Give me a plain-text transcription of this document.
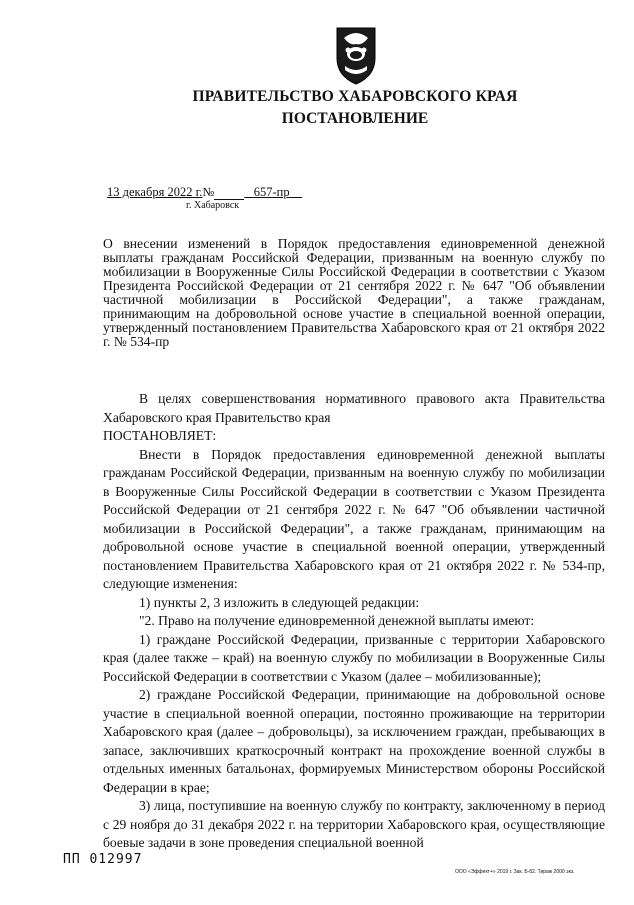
ПРАВИТЕЛЬСТВО ХАБАРОВСКОГО КРАЯ
ПОСТАНОВЛЕНИЕ
13 декабря 2022 г.№	657-пр
г. Хабаровск

О внесении изменений в Порядок предоставления единовременной денежной выплаты гражданам Российской Федерации, призванным на военную службу по мобилизации в Вооруженные Силы Российской Федерации в соответствии с Указом Президента Российской Федерации от 21 сентября 2022 г. № 647 "Об объявлении частичной мобилизации в Российской Федерации", а также гражданам, принимающим на добровольной основе участие в специальной военной операции, утвержденный постановлением Правительства Хабаровского края от 21 октября 2022 г. № 534-пр

В целях совершенствования нормативного правового акта Правительства Хабаровского края Правительство края

ПОСТАНОВЛЯЕТ:

Внести в Порядок предоставления единовременной денежной выплаты гражданам Российской Федерации, призванным на военную службу по мобилизации в Вооруженные Силы Российской Федерации в соответствии с Указом Президента Российской Федерации от 21 сентября 2022 г. № 647 "Об объявлении частичной мобилизации в Российской Федерации", а также гражданам, принимающим на добровольной основе участие в специальной военной операции, утвержденный постановлением Правительства Хабаровского края от 21 октября 2022 г. № 534-пр, следующие изменения:

1) пункты 2, 3 изложить в следующей редакции:

"2. Право на получение единовременной денежной выплаты имеют:

1) граждане Российской Федерации, призванные с территории Хабаровского края (далее также – край) на военную службу по мобилизации в Вооруженные Силы Российской Федерации в соответствии с Указом (далее – мобилизованные);

2) граждане Российской Федерации, принимающие на добровольной основе участие в специальной военной операции, постоянно проживающие на территории Хабаровского края (далее – добровольцы), за исключением граждан, пребывающих в запасе, заключивших краткосрочный контракт на прохождение военной службы в отдельных именных батальонах, формируемых Министерством обороны Российской Федерации в крае;

3) лица, поступившие на военную службу по контракту, заключенному в период с 29 ноября до 31 декабря 2022 г. на территории Хабаровского края, осуществляющие боевые задачи в зоне проведения специальной военной

ПП 012997
ООО «Эффект+» 2019 г. Зак. Б-82. Тираж 2000 экз.
